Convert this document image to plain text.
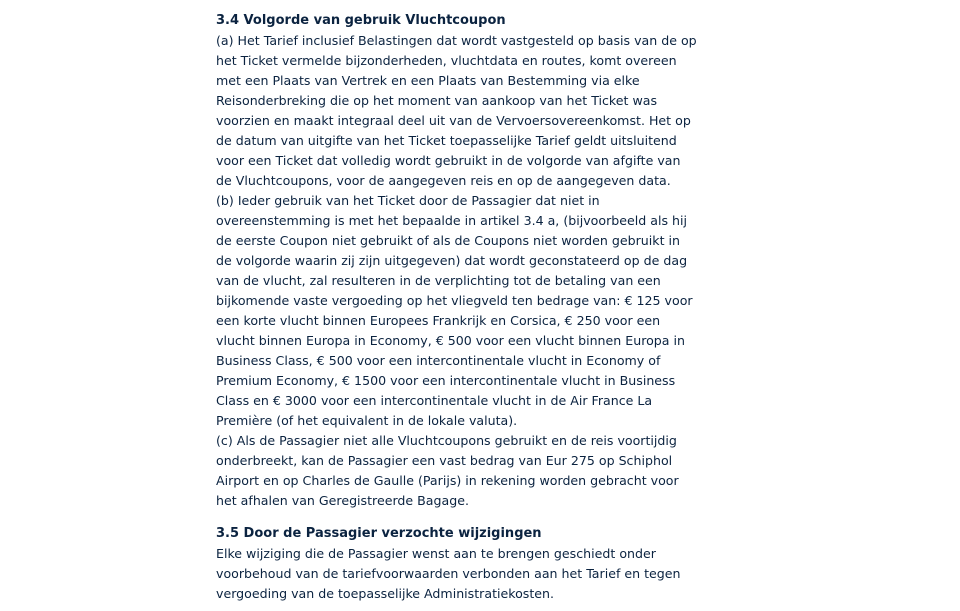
3.4 Volgorde van gebruik Vluchtcoupon
(a) Het Tarief inclusief Belastingen dat wordt vastgesteld op basis van de op
het Ticket vermelde bijzonderheden, vluchtdata en routes, komt overeen
met een Plaats van Vertrek en een Plaats van Bestemming via elke
Reisonderbreking die op het moment van aankoop van het Ticket was
voorzien en maakt integraal deel uit van de Vervoersovereenkomst. Het op
de datum van uitgifte van het Ticket toepasselijke Tarief geldt uitsluitend
voor een Ticket dat volledig wordt gebruikt in de volgorde van afgifte van
de Vluchtcoupons, voor de aangegeven reis en op de aangegeven data.
(b) Ieder gebruik van het Ticket door de Passagier dat niet in
overeenstemming is met het bepaalde in artikel 3.4 a, (bijvoorbeeld als hij
de eerste Coupon niet gebruikt of als de Coupons niet worden gebruikt in
de volgorde waarin zij zijn uitgegeven) dat wordt geconstateerd op de dag
van de vlucht, zal resulteren in de verplichting tot de betaling van een
bijkomende vaste vergoeding op het vliegveld ten bedrage van: € 125 voor
een korte vlucht binnen Europees Frankrijk en Corsica, € 250 voor een
vlucht binnen Europa in Economy, € 500 voor een vlucht binnen Europa in
Business Class, € 500 voor een intercontinentale vlucht in Economy of
Premium Economy, € 1500 voor een intercontinentale vlucht in Business
Class en € 3000 voor een intercontinentale vlucht in de Air France La
Première (of het equivalent in de lokale valuta).
(c) Als de Passagier niet alle Vluchtcoupons gebruikt en de reis voortijdig
onderbreekt, kan de Passagier een vast bedrag van Eur 275 op Schiphol
Airport en op Charles de Gaulle (Parijs) in rekening worden gebracht voor
het afhalen van Geregistreerde Bagage.
3.5 Door de Passagier verzochte wijzigingen
Elke wijziging die de Passagier wenst aan te brengen geschiedt onder
voorbehoud van de tariefvoorwaarden verbonden aan het Tarief en tegen
vergoeding van de toepasselijke Administratiekosten.
